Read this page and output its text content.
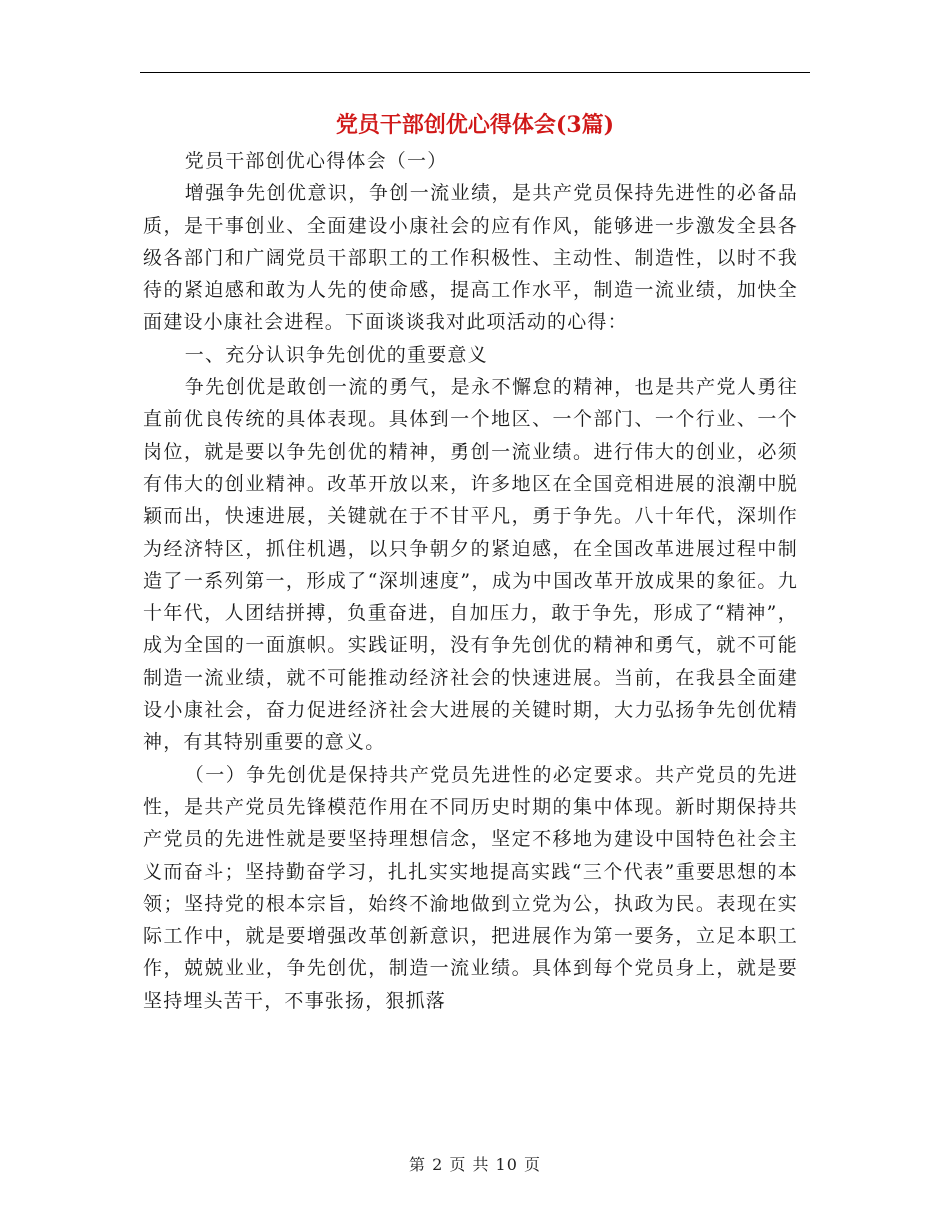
党员干部创优心得体会(3篇)

党员干部创优心得体会（一）

增强争先创优意识，争创一流业绩，是共产党员保持先进性的必备品质，是干事创业、全面建设小康社会的应有作风，能够进一步激发全县各级各部门和广阔党员干部职工的工作积极性、主动性、制造性，以时不我待的紧迫感和敢为人先的使命感，提高工作水平，制造一流业绩，加快全面建设小康社会进程。下面谈谈我对此项活动的心得：

一、充分认识争先创优的重要意义

争先创优是敢创一流的勇气，是永不懈怠的精神，也是共产党人勇往直前优良传统的具体表现。具体到一个地区、一个部门、一个行业、一个岗位，就是要以争先创优的精神，勇创一流业绩。进行伟大的创业，必须有伟大的创业精神。改革开放以来，许多地区在全国竞相进展的浪潮中脱颖而出，快速进展，关键就在于不甘平凡，勇于争先。八十年代，深圳作为经济特区，抓住机遇，以只争朝夕的紧迫感，在全国改革进展过程中制造了一系列第一，形成了“深圳速度”，成为中国改革开放成果的象征。九十年代，人团结拼搏，负重奋进，自加压力，敢于争先，形成了“精神”，成为全国的一面旗帜。实践证明，没有争先创优的精神和勇气，就不可能制造一流业绩，就不可能推动经济社会的快速进展。当前，在我县全面建设小康社会，奋力促进经济社会大进展的关键时期，大力弘扬争先创优精神，有其特别重要的意义。

（一）争先创优是保持共产党员先进性的必定要求。共产党员的先进性，是共产党员先锋模范作用在不同历史时期的集中体现。新时期保持共产党员的先进性就是要坚持理想信念，坚定不移地为建设中国特色社会主义而奋斗；坚持勤奋学习，扎扎实实地提高实践“三个代表”重要思想的本领；坚持党的根本宗旨，始终不渝地做到立党为公，执政为民。表现在实际工作中，就是要增强改革创新意识，把进展作为第一要务，立足本职工作，兢兢业业，争先创优，制造一流业绩。具体到每个党员身上，就是要坚持埋头苦干，不事张扬，狠抓落

第 2 页 共 10 页
